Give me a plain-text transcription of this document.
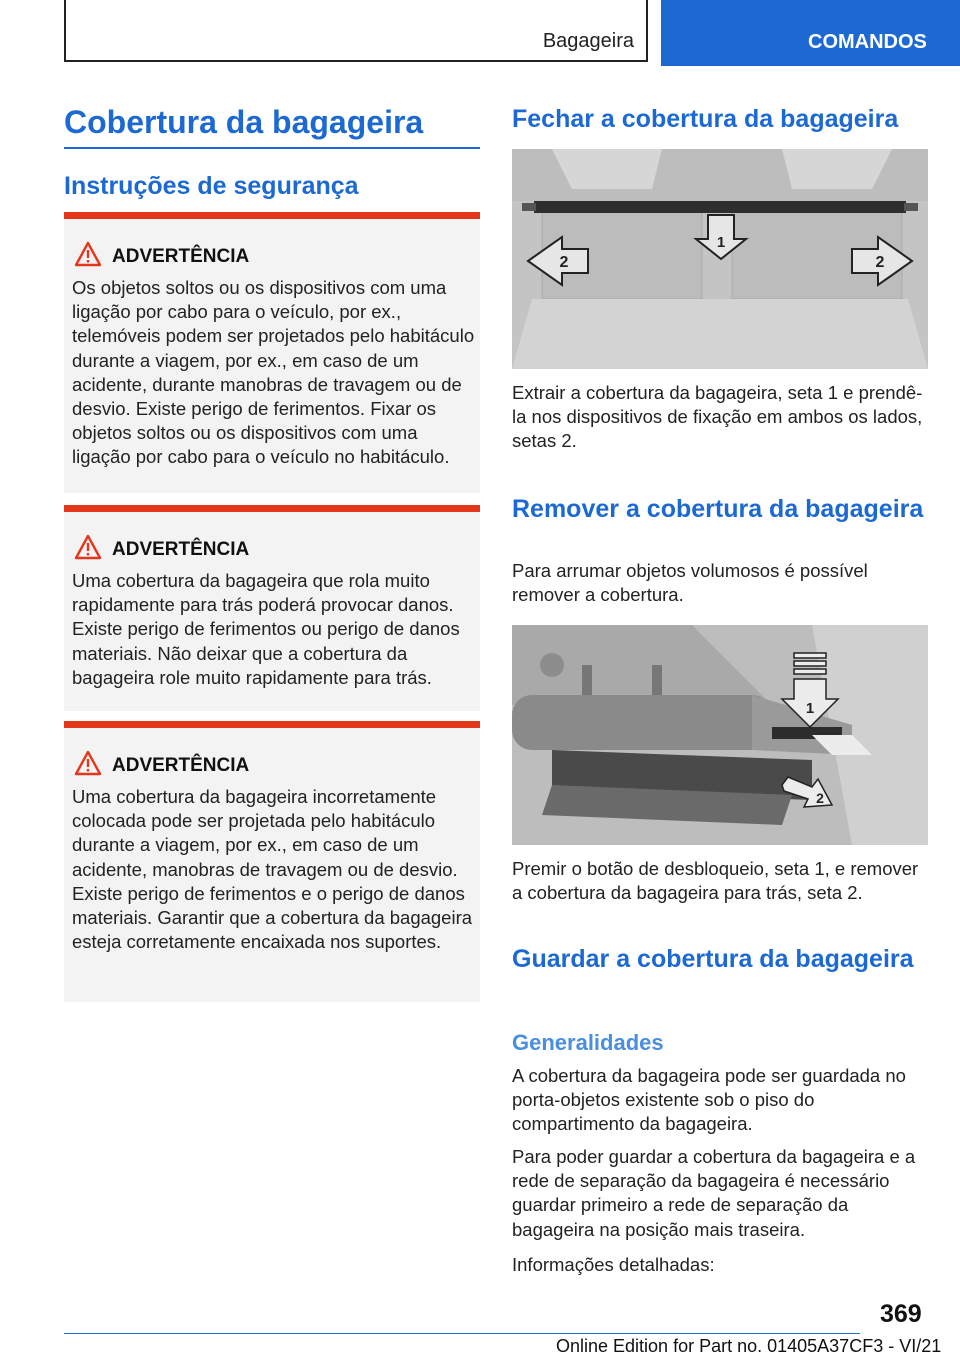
Bagageira	COMANDOS
Cobertura da bagageira
Instruções de segurança
ADVERTÊNCIA

Os objetos soltos ou os dispositivos com uma ligação por cabo para o veículo, por ex., telemóveis podem ser projetados pelo habitáculo durante a viagem, por ex., em caso de um acidente, durante manobras de travagem ou de desvio. Existe perigo de ferimentos. Fixar os objetos soltos ou os dispositivos com uma ligação por cabo para o veículo no habitáculo.

ADVERTÊNCIA

Uma cobertura da bagageira que rola muito rapidamente para trás poderá provocar danos. Existe perigo de ferimentos ou perigo de danos materiais. Não deixar que a cobertura da bagageira role muito rapidamente para trás.

ADVERTÊNCIA

Uma cobertura da bagageira incorretamente colocada pode ser projetada pelo habitáculo durante a viagem, por ex., em caso de um acidente, manobras de travagem ou de desvio. Existe perigo de ferimentos e o perigo de danos materiais. Garantir que a cobertura da bagageira esteja corretamente encaixada nos suportes.

Fechar a cobertura da bagageira
1
2	2

Extrair a cobertura da bagageira, seta 1 e prendê-la nos dispositivos de fixação em ambos os lados, setas 2.

Remover a cobertura da bagageira

Para arrumar objetos volumosos é possível remover a cobertura.

1
2

Premir o botão de desbloqueio, seta 1, e remover a cobertura da bagageira para trás, seta 2.

Guardar a cobertura da bagageira
Generalidades

A cobertura da bagageira pode ser guardada no porta-objetos existente sob o piso do compartimento da bagageira.

Para poder guardar a cobertura da bagageira e a rede de separação da bagageira é necessário guardar primeiro a rede de separação da bagageira na posição mais traseira.

Informações detalhadas:

369
Online Edition for Part no. 01405A37CF3 - VI/21
